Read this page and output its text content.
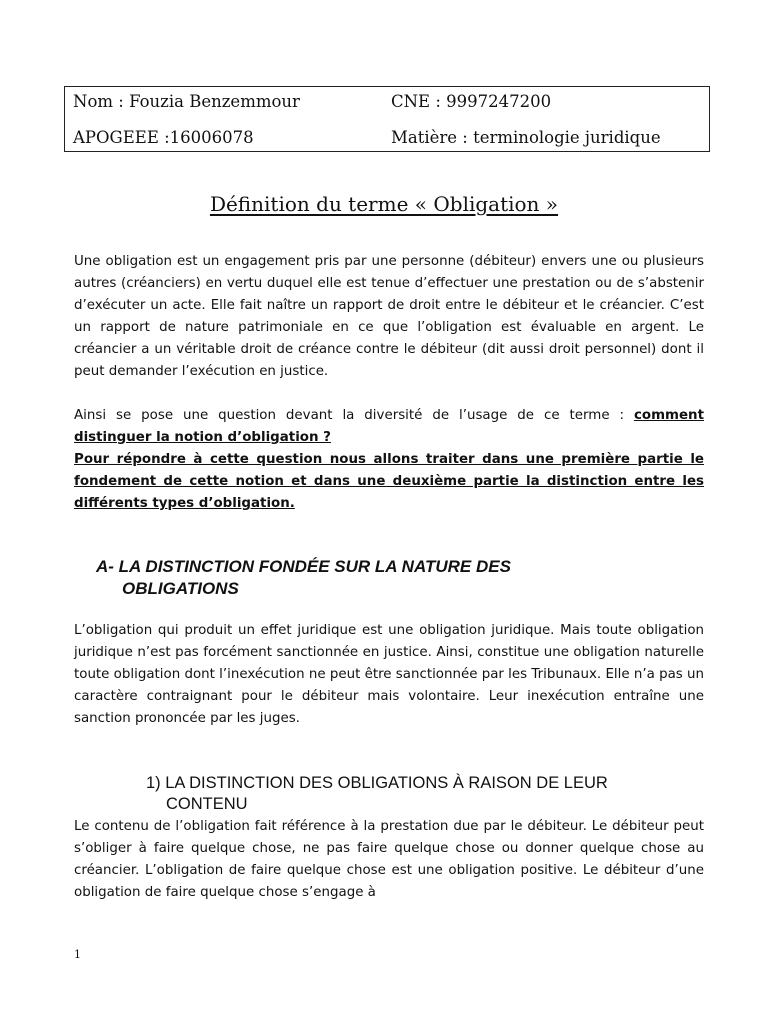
Nom : Fouzia Benzemmour	CNE : 9997247200
APOGEEE :16006078	Matière : terminologie juridique
Définition du terme « Obligation »

Une obligation est un engagement pris par une personne (débiteur) envers une ou plusieurs autres (créanciers) en vertu duquel elle est tenue d’effectuer une prestation ou de s’abstenir d’exécuter un acte. Elle fait naître un rapport de droit entre le débiteur et le créancier. C’est un rapport de nature patrimoniale en ce que l’obligation est évaluable en argent. Le créancier a un véritable droit de créance contre le débiteur (dit aussi droit personnel) dont il peut demander l’exécution en justice.

Ainsi se pose une question devant la diversité de l’usage de ce terme : comment distinguer la notion d’obligation ?

Pour répondre à cette question nous allons traiter dans une première partie le fondement de cette notion et dans une deuxième partie la distinction entre les différents types d’obligation.

A- LA DISTINCTION FONDÉE SUR LA NATURE DES
OBLIGATIONS

L’obligation qui produit un effet juridique est une obligation juridique. Mais toute obligation juridique n’est pas forcément sanctionnée en justice. Ainsi, constitue une obligation naturelle toute obligation dont l’inexécution ne peut être sanctionnée par les Tribunaux. Elle n’a pas un caractère contraignant pour le débiteur mais volontaire. Leur inexécution entraîne une sanction prononcée par les juges.

1) LA DISTINCTION DES OBLIGATIONS À RAISON DE LEUR
CONTENU

Le contenu de l’obligation fait référence à la prestation due par le débiteur. Le débiteur peut s’obliger à faire quelque chose, ne pas faire quelque chose ou donner quelque chose au créancier. L’obligation de faire quelque chose est une obligation positive. Le débiteur d’une obligation de faire quelque chose s’engage à

1
